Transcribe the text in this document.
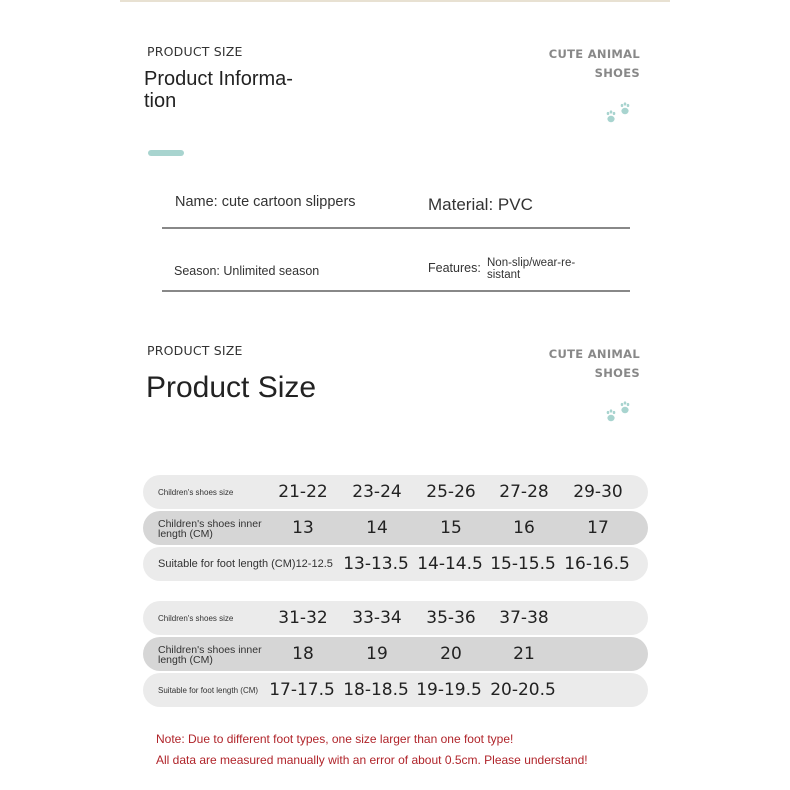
PRODUCT SIZE
Product Informa-tion
CUTE ANIMAL
SHOES
Name: cute cartoon slippers	Material: PVC
Season: Unlimited season	Features: Non-slip/wear-re- sistant
PRODUCT SIZE
Product Size
CUTE ANIMAL
SHOES
Children's shoes size	21-22 23-24 25-26 27-28 29-30
Children's shoes inner length (CM)	13	14	15	16	17
Suitable for foot length (CM)12-12.5 13-13.5 14-14.5 15-15.5 16-16.5
Children's shoes size	31-32 33-34 35-36 37-38
Children's shoes inner length (CM)	18	19	20	21
Suitable for foot length (CM) 17-17.5 18-18.5 19-19.5 20-20.5
Note: Due to different foot types, one size larger than one foot type!
All data are measured manually with an error of about 0.5cm. Please understand!
